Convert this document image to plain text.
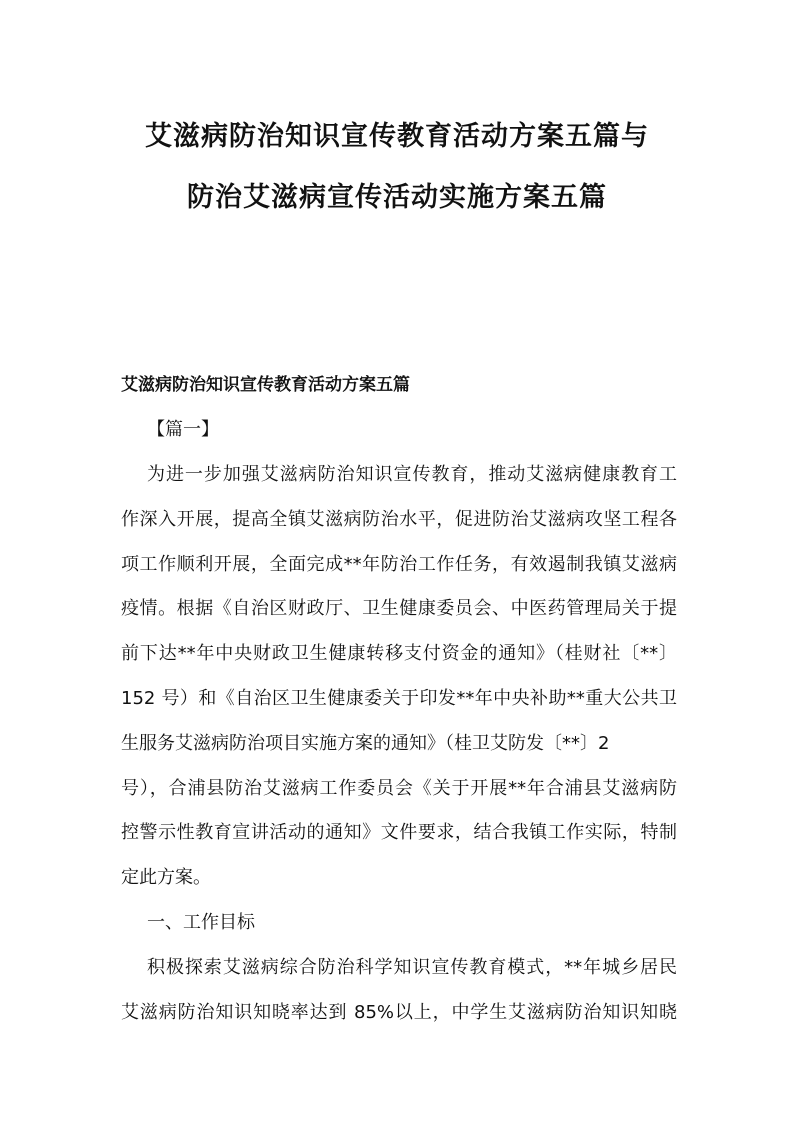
艾滋病防治知识宣传教育活动方案五篇与
防治艾滋病宣传活动实施方案五篇
艾滋病防治知识宣传教育活动方案五篇
【篇一】
为进一步加强艾滋病防治知识宣传教育，推动艾滋病健康教育工
作深入开展，提高全镇艾滋病防治水平，促进防治艾滋病攻坚工程各
项工作顺利开展，全面完成**年防治工作任务，有效遏制我镇艾滋病
疫情。根据《自治区财政厅、卫生健康委员会、中医药管理局关于提
前下达**年中央财政卫生健康转移支付资金的通知》（桂财社〔**〕
152 号）和《自治区卫生健康委关于印发**年中央补助**重大公共卫
生服务艾滋病防治项目实施方案的通知》（桂卫艾防发〔**〕2
号），合浦县防治艾滋病工作委员会《关于开展**年合浦县艾滋病防
控警示性教育宣讲活动的通知》文件要求，结合我镇工作实际，特制
定此方案。
一、工作目标
积极探索艾滋病综合防治科学知识宣传教育模式，**年城乡居民
艾滋病防治知识知晓率达到 85%以上，中学生艾滋病防治知识知晓
